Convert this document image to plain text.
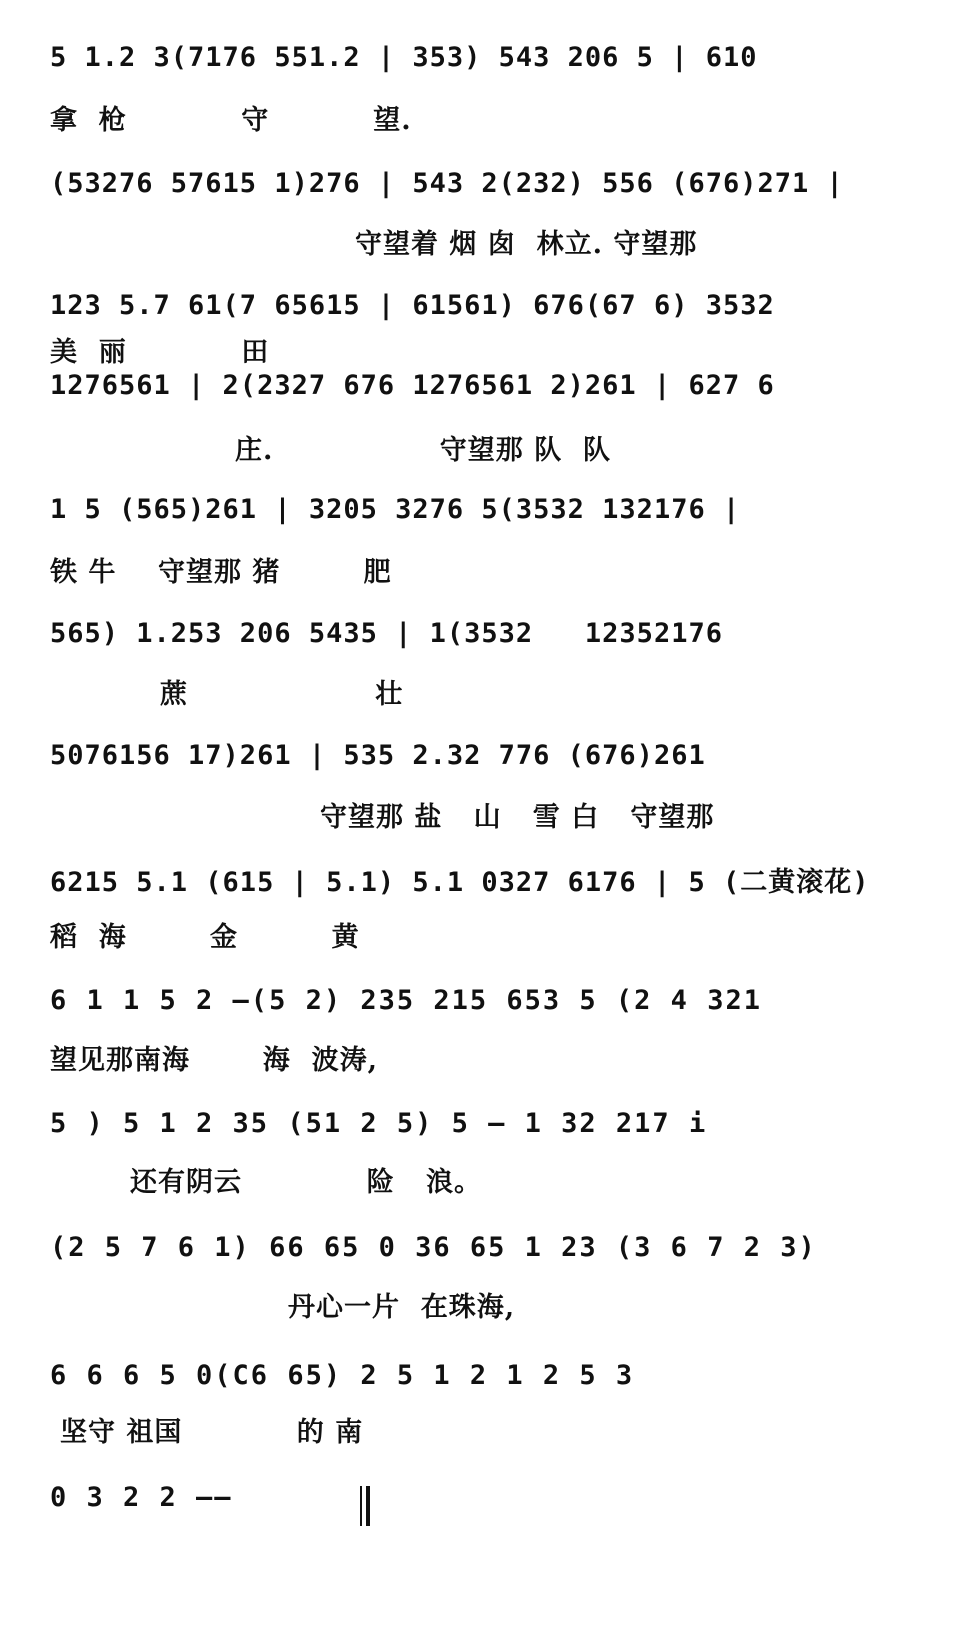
5 1.2 3(7176 551.2 | 353) 543 206 5 | 610
拿  枪           守          望.
(53276 57615 1)276 | 543 2(232) 556 (676)271 |
守望着 烟 囱  林立. 守望那
123 5.7 61(7 65615 | 61561) 676(67 6) 3532
美  丽           田
1276561 | 2(2327 676 1276561 2)261 | 627 6
庄.                守望那 队  队
1 5 (565)261 | 3205 3276 5(3532 132176 |
铁 牛    守望那 猪        肥
565) 1.253 206 5435 | 1(3532   12352176
蔗                  壮
5076156 17)261 | 535 2.32 776 (676)261
守望那 盐   山   雪 白   守望那
6215 5.1 (615 | 5.1) 5.1 0327 6176 | 5 (二黄滚花)
稻  海        金         黄
6 1 1 5 2 —(5 2) 235 215 653 5 (2 4 321
望见那南海       海  波涛,
5 ) 5 1 2 35 (51 2 5) 5 — 1 32 217 i
还有阴云            险   浪。
(2 5 7 6 1) 66 65 0 36 65 1 23 (3 6 7 2 3)
丹心一片  在珠海,
6 6 6 5 0(C6 65) 2 5 1 2 1 2 5 3
坚守 祖国           的 南
0 3 2 2 ——
